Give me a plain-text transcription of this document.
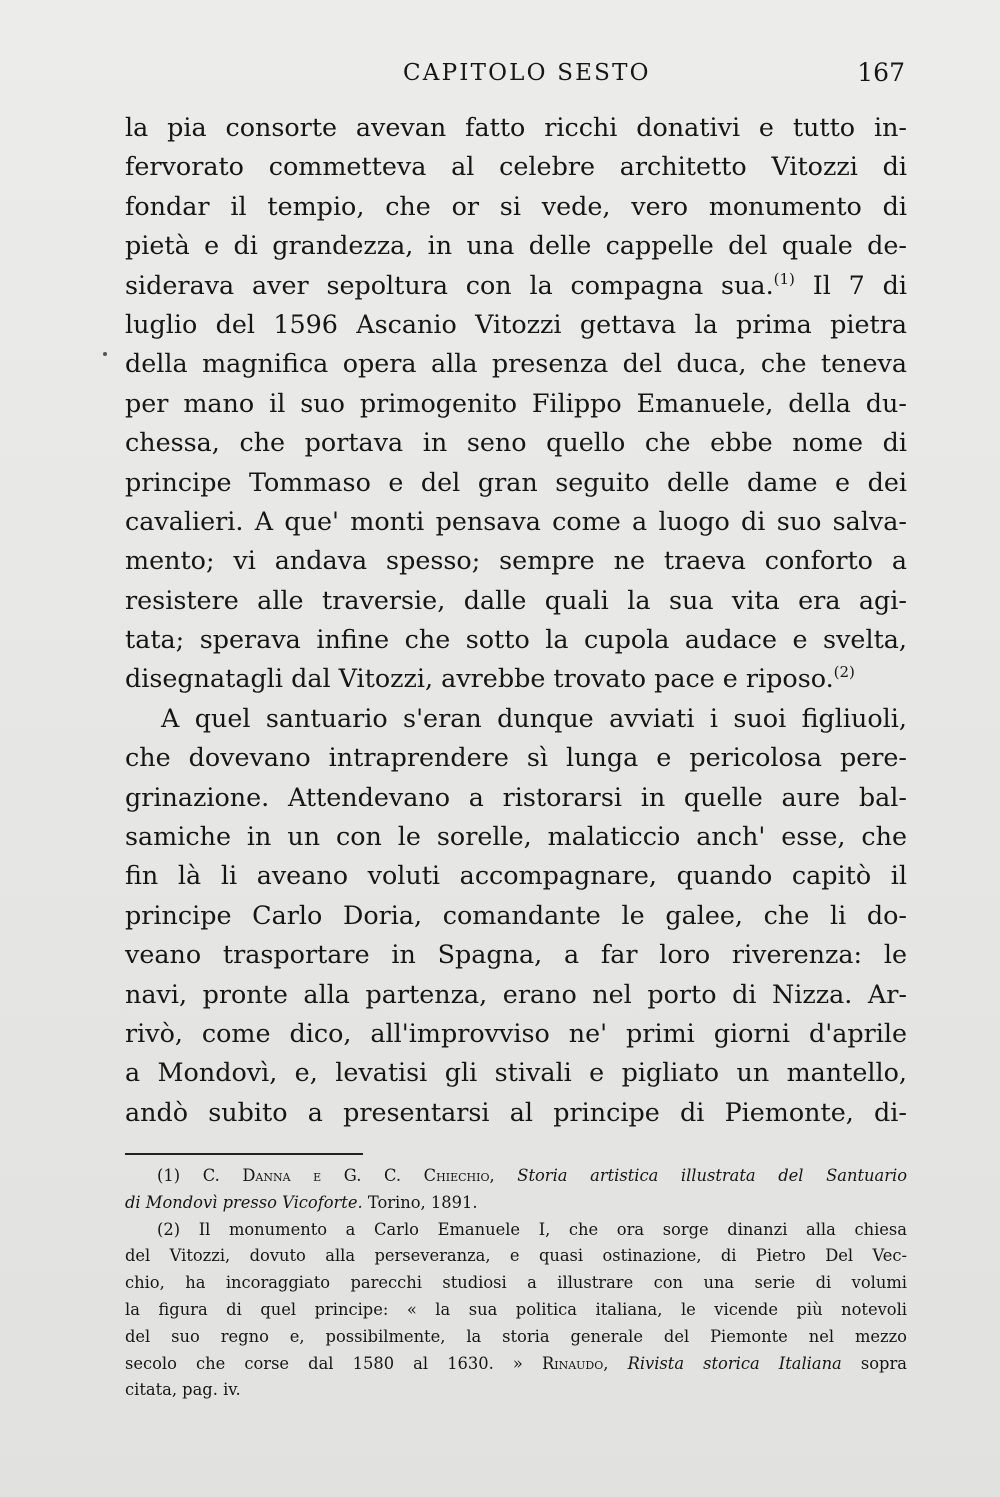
CAPITOLO SESTO	167
la pia consorte avevan fatto ricchi donativi e tutto in-
fervorato commetteva al celebre architetto Vitozzi di
fondar il tempio, che or si vede, vero monumento di
pietà e di grandezza, in una delle cappelle del quale de-
siderava aver sepoltura con la compagna sua.$^{(1)}$ Il 7 di
luglio del 1596 Ascanio Vitozzi gettava la prima pietra
della magnifica opera alla presenza del duca, che teneva
per mano il suo primogenito Filippo Emanuele, della du-
chessa, che portava in seno quello che ebbe nome di
principe Tommaso e del gran seguito delle dame e dei
cavalieri. A que' monti pensava come a luogo di suo salva-
mento; vi andava spesso; sempre ne traeva conforto a
resistere alle traversie, dalle quali la sua vita era agi-
tata; sperava infine che sotto la cupola audace e svelta,
disegnatagli dal Vitozzi, avrebbe trovato pace e riposo.$^{(2)}$
A quel santuario s'eran dunque avviati i suoi figliuoli,
che dovevano intraprendere sì lunga e pericolosa pere-
grinazione. Attendevano a ristorarsi in quelle aure bal-
samiche in un con le sorelle, malaticcio anch' esse, che
fin là li aveano voluti accompagnare, quando capitò il
principe Carlo Doria, comandante le galee, che li do-
veano trasportare in Spagna, a far loro riverenza: le
navi, pronte alla partenza, erano nel porto di Nizza. Ar-
rivò, come dico, all'improvviso ne' primi giorni d'aprile
a Mondovì, e, levatisi gli stivali e pigliato un mantello,
andò subito a presentarsi al principe di Piemonte, di-
(1) C. Danna e G. C. Chiechio, Storia artistica illustrata del Santuario
di Mondovì presso Vicoforte. Torino, 1891.
(2) Il monumento a Carlo Emanuele I, che ora sorge dinanzi alla chiesa
del Vitozzi, dovuto alla perseveranza, e quasi ostinazione, di Pietro Del Vec-
chio, ha incoraggiato parecchi studiosi a illustrare con una serie di volumi
la figura di quel principe: « la sua politica italiana, le vicende più notevoli
del suo regno e, possibilmente, la storia generale del Piemonte nel mezzo
secolo che corse dal 1580 al 1630. » Rinaudo, Rivista storica Italiana sopra
citata, pag. iv.
